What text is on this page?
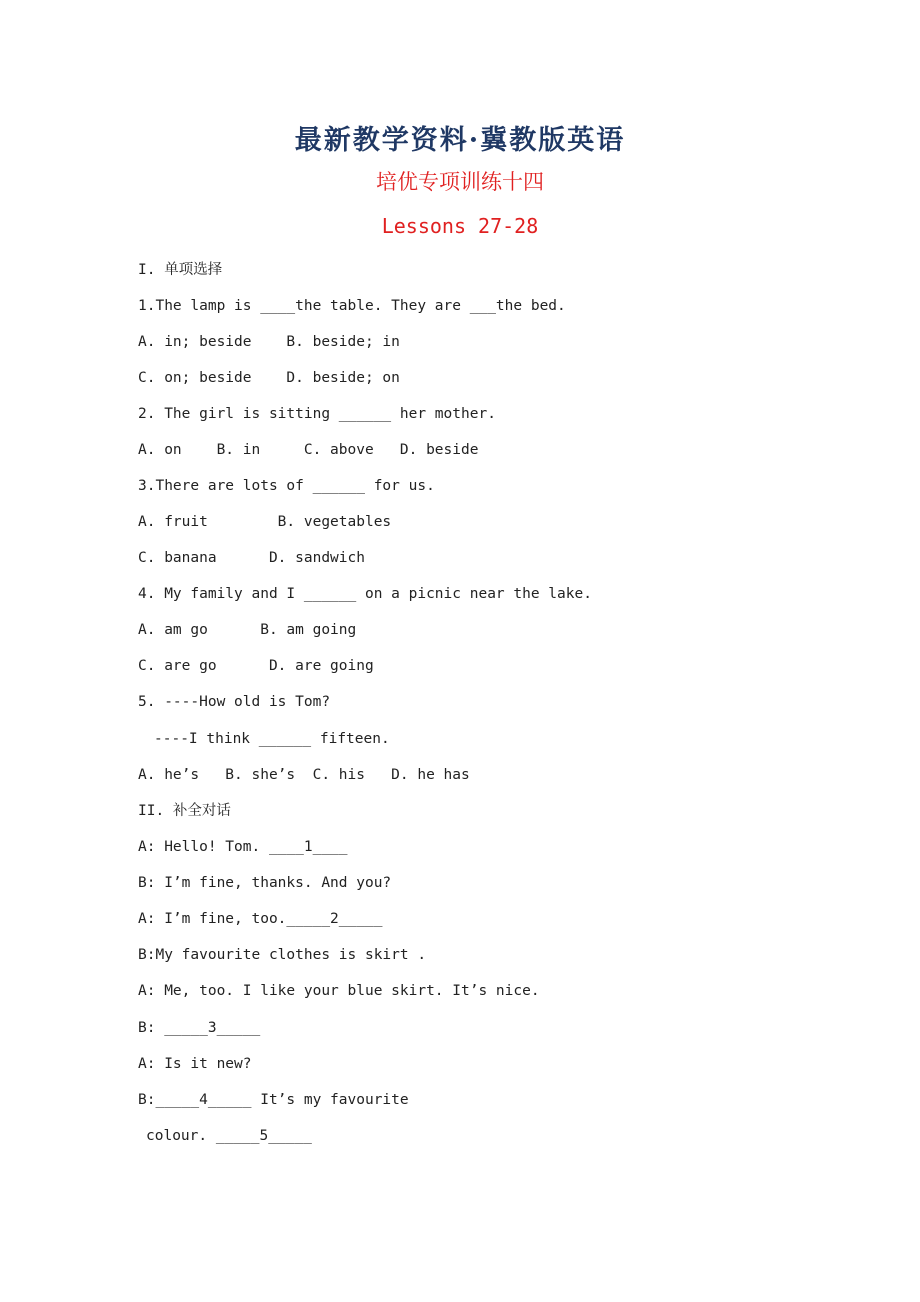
最新教学资料·冀教版英语
培优专项训练十四
Lessons 27-28
I. 单项选择
1.The lamp is ____the table. They are ___the bed.
A. in; beside    B. beside; in
C. on; beside    D. beside; on
2. The girl is sitting ______ her mother.
A. on    B. in     C. above   D. beside
3.There are lots of ______ for us.
A. fruit        B. vegetables
C. banana      D. sandwich
4. My family and I ______ on a picnic near the lake.
A. am go      B. am going
C. are go      D. are going
5. ----How old is Tom?
----I think ______ fifteen.
A. he’s   B. she’s  C. his   D. he has
II. 补全对话
A: Hello! Tom. ____1____
B: I’m fine, thanks. And you?
A: I’m fine, too._____2_____
B:My favourite clothes is skirt .
A: Me, too. I like your blue skirt. It’s nice.
B: _____3_____
A: Is it new?
B:_____4_____ It’s my favourite
colour. _____5_____
